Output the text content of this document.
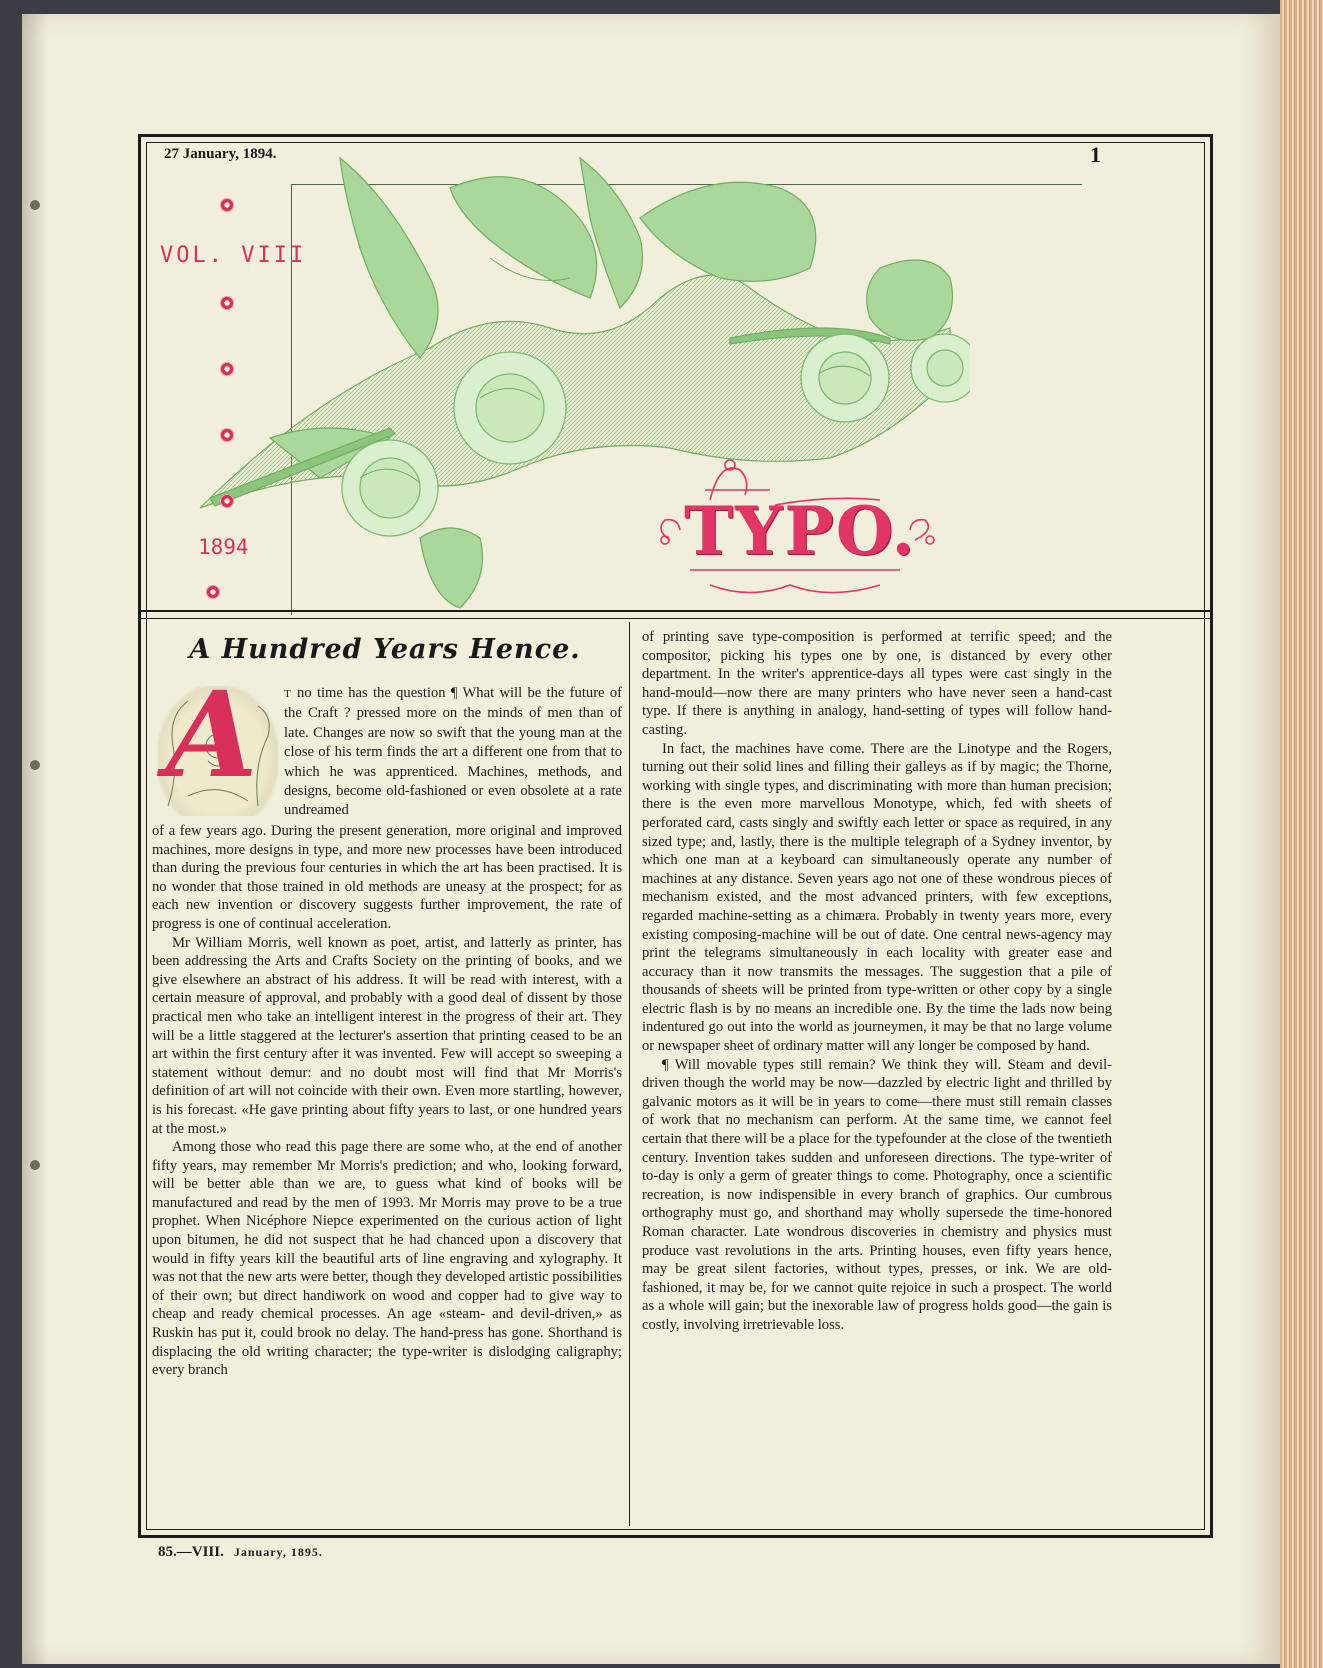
27 January, 1894.	1
VOL. VIII
1894	TYPO.
A Hundred Years Hence.
A T no time has the question ¶ What will be the future of the Craft ? pressed more on the minds of men than of late. Changes are now so swift that the young man at the close of his term finds the art a different one from that to which he was apprenticed. Machines, methods, and designs, become old-fashioned or even obsolete at a rate undreamed

of a few years ago. During the present generation, more original and improved machines, more designs in type, and more new processes have been introduced than during the previous four centuries in which the art has been practised. It is no wonder that those trained in old methods are uneasy at the prospect; for as each new invention or discovery suggests further improvement, the rate of progress is one of continual acceleration.

Mr William Morris, well known as poet, artist, and latterly as printer, has been addressing the Arts and Crafts Society on the printing of books, and we give elsewhere an abstract of his address. It will be read with interest, with a certain measure of approval, and probably with a good deal of dissent by those practical men who take an intelligent interest in the progress of their art. They will be a little staggered at the lecturer's assertion that printing ceased to be an art within the first century after it was invented. Few will accept so sweeping a statement without demur: and no doubt most will find that Mr Morris's definition of art will not coincide with their own. Even more startling, however, is his forecast. «He gave printing about fifty years to last, or one hundred years at the most.»

Among those who read this page there are some who, at the end of another fifty years, may remember Mr Morris's prediction; and who, looking forward, will be better able than we are, to guess what kind of books will be manufactured and read by the men of 1993. Mr Morris may prove to be a true prophet. When Nicéphore Niepce experimented on the curious action of light upon bitumen, he did not suspect that he had chanced upon a discovery that would in fifty years kill the beautiful arts of line engraving and xylography. It was not that the new arts were better, though they developed artistic possibilities of their own; but direct handiwork on wood and copper had to give way to cheap and ready chemical processes. An age «steam- and devil-driven,» as Ruskin has put it, could brook no delay. The hand-press has gone. Shorthand is displacing the old writing character; the type-writer is dislodging caligraphy; every branch

of printing save type-composition is performed at terrific speed; and the compositor, picking his types one by one, is distanced by every other department. In the writer's apprentice-days all types were cast singly in the hand-mould—now there are many printers who have never seen a hand-cast type. If there is anything in analogy, hand-setting of types will follow hand-casting.

In fact, the machines have come. There are the Linotype and the Rogers, turning out their solid lines and filling their galleys as if by magic; the Thorne, working with single types, and discriminating with more than human precision; there is the even more marvellous Monotype, which, fed with sheets of perforated card, casts singly and swiftly each letter or space as required, in any sized type; and, lastly, there is the multiple telegraph of a Sydney inventor, by which one man at a keyboard can simultaneously operate any number of machines at any distance. Seven years ago not one of these wondrous pieces of mechanism existed, and the most advanced printers, with few exceptions, regarded machine-setting as a chimæra. Probably in twenty years more, every existing composing-machine will be out of date. One central news-agency may print the telegrams simultaneously in each locality with greater ease and accuracy than it now transmits the messages. The suggestion that a pile of thousands of sheets will be printed from type-written or other copy by a single electric flash is by no means an incredible one. By the time the lads now being indentured go out into the world as journeymen, it may be that no large volume or newspaper sheet of ordinary matter will any longer be composed by hand.

¶ Will movable types still remain? We think they will. Steam and devil-driven though the world may be now—dazzled by electric light and thrilled by galvanic motors as it will be in years to come—there must still remain classes of work that no mechanism can perform. At the same time, we cannot feel certain that there will be a place for the typefounder at the close of the twentieth century. Invention takes sudden and unforeseen directions. The type-writer of to-day is only a germ of greater things to come. Photography, once a scientific recreation, is now indispensible in every branch of graphics. Our cumbrous orthography must go, and shorthand may wholly supersede the time-honored Roman character. Late wondrous discoveries in chemistry and physics must produce vast revolutions in the arts. Printing houses, even fifty years hence, may be great silent factories, without types, presses, or ink. We are old-fashioned, it may be, for we cannot quite rejoice in such a prospect. The world as a whole will gain; but the inexorable law of progress holds good—the gain is costly, involving irretrievable loss.

85.—VIII. January, 1895.
